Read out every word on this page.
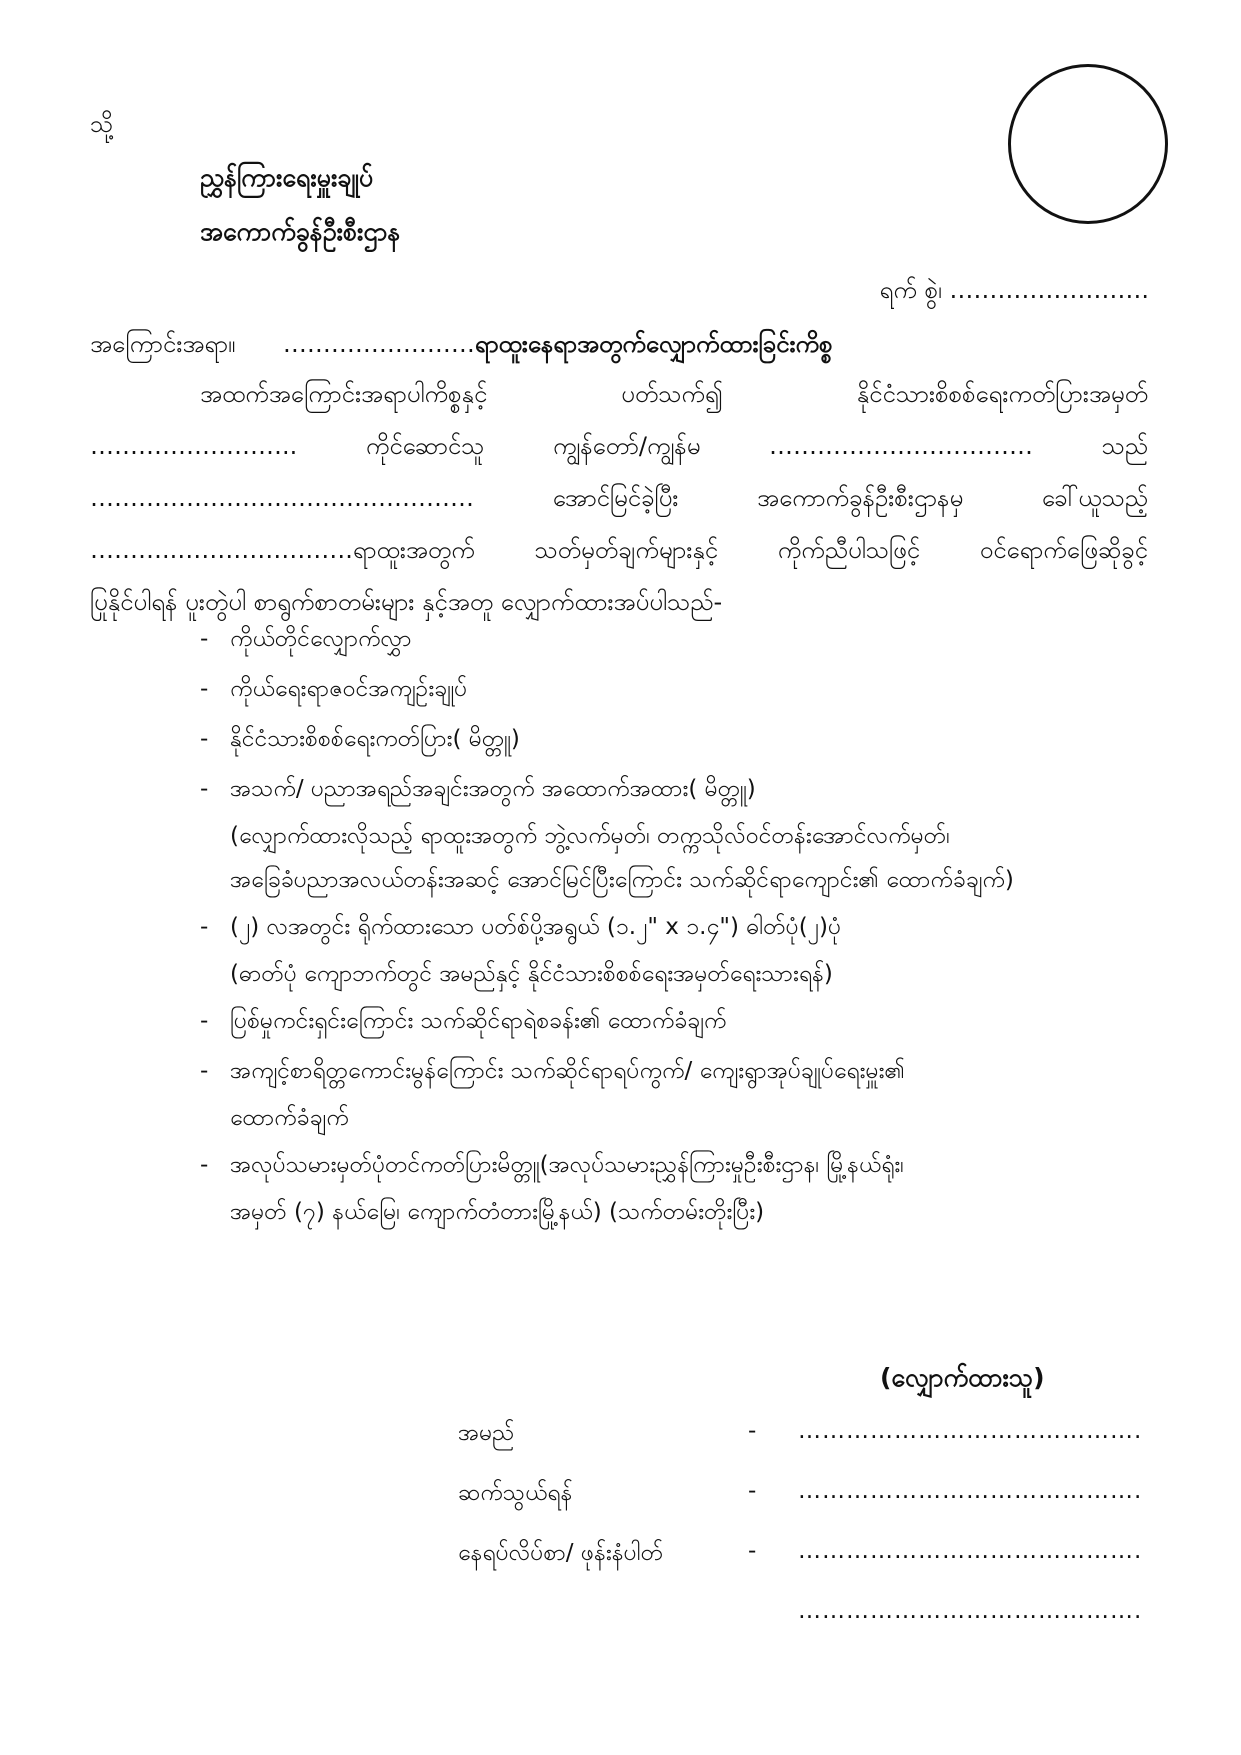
သို့
ညွှန်ကြားရေးမှူးချုပ်
အကောက်ခွန်ဦးစီးဌာန
ရက် စွဲ၊ …………………….
အကြောင်းအရာ။ ……………………ရာထူးနေရာအတွက်လျှောက်ထားခြင်းကိစ္စ
အထက်အကြောင်းအရာပါကိစ္စနှင့်	ပတ်သက်၍	နိုင်ငံသားစိစစ်ရေးကတ်ပြားအမှတ်
……………………..	ကိုင်ဆောင်သူ	ကျွန်တော်/ကျွန်မ	……………………………	သည်
…………………………………………	အောင်မြင်ခဲ့ပြီး	အကောက်ခွန်ဦးစီးဌာနမှ	ခေါ်ယူသည့်
………..………………….ရာထူးအတွက် သတ်မှတ်ချက်များနှင့် ကိုက်ညီပါသဖြင့် ဝင်ရောက်ဖြေဆိုခွင့်
ပြုနိုင်ပါရန် ပူးတွဲပါ စာရွက်စာတမ်းများ နှင့်အတူ လျှောက်ထားအပ်ပါသည်-
- ကိုယ်တိုင်လျှောက်လွှာ
- ကိုယ်ရေးရာဇဝင်အကျဉ်းချုပ်
- နိုင်ငံသားစိစစ်ရေးကတ်ပြား( မိတ္တူ)
- အသက်/ ပညာအရည်အချင်းအတွက် အထောက်အထား( မိတ္တူ)
(လျှောက်ထားလိုသည့် ရာထူးအတွက် ဘွဲ့လက်မှတ်၊ တက္ကသိုလ်ဝင်တန်းအောင်လက်မှတ်၊
အခြေခံပညာအလယ်တန်းအဆင့် အောင်မြင်ပြီးကြောင်း သက်ဆိုင်ရာကျောင်း၏ ထောက်ခံချက်)
- (၂) လအတွင်း ရိုက်ထားသော ပတ်စ်ပို့အရွယ် (၁.၂" x ၁.၄") ဓါတ်ပုံ(၂)ပုံ
(ဓာတ်ပုံ ကျောဘက်တွင် အမည်နှင့် နိုင်ငံသားစိစစ်ရေးအမှတ်ရေးသားရန်)
- ပြစ်မှုကင်းရှင်းကြောင်း သက်ဆိုင်ရာရဲစခန်း၏ ထောက်ခံချက်
- အကျင့်စာရိတ္တကောင်းမွန်ကြောင်း သက်ဆိုင်ရာရပ်ကွက်/ ကျေးရွာအုပ်ချုပ်ရေးမှူး၏
ထောက်ခံချက်
- အလုပ်သမားမှတ်ပုံတင်ကတ်ပြားမိတ္တူ(အလုပ်သမားညွှန်ကြားမှုဦးစီးဌာန၊ မြို့နယ်ရုံး၊
အမှတ် (၇) နယ်မြေ၊ ကျောက်တံတားမြို့နယ်) (သက်တမ်းတိုးပြီး)
(လျှောက်ထားသူ)
အမည်	- …………………………………….
ဆက်သွယ်ရန်	- …………………………………….
နေရပ်လိပ်စာ/ ဖုန်းနံပါတ်	- …………………………………….
…………………………………….
